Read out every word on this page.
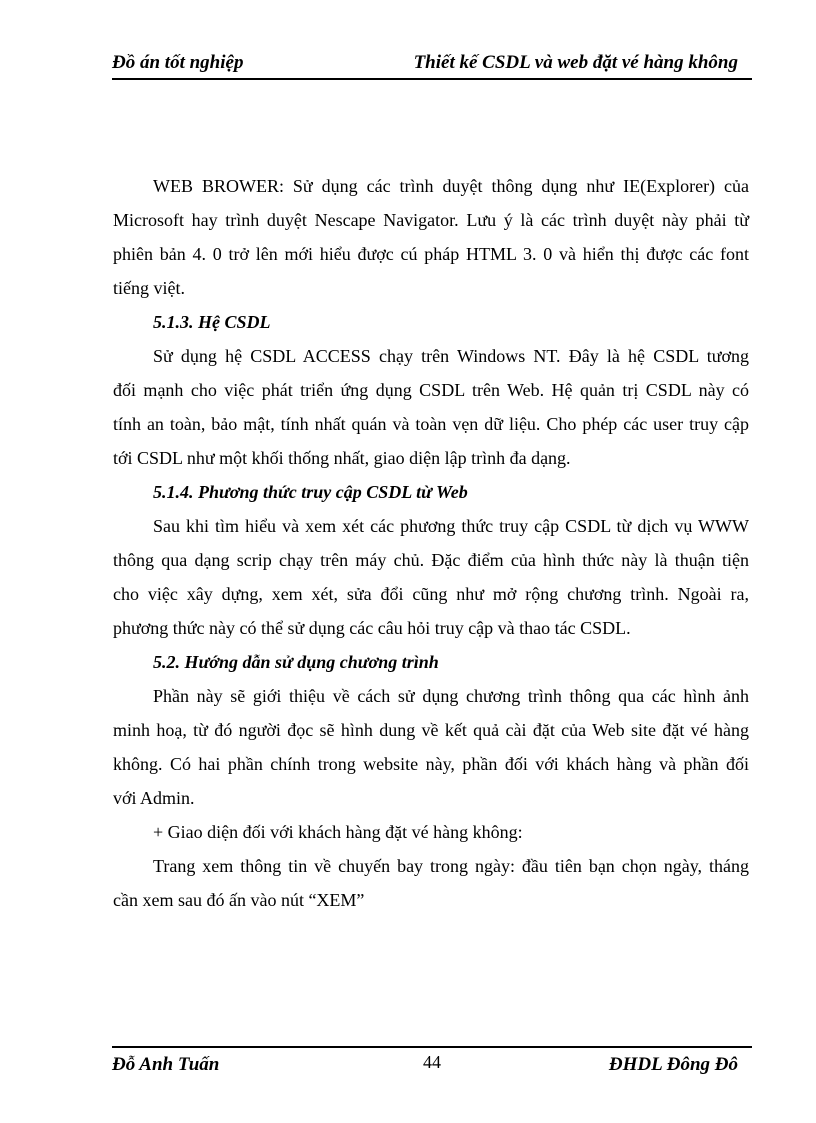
Đồ án tốt nghiệp	Thiết kế CSDL và web đặt vé hàng không
WEB BROWER: Sử dụng các trình duyệt thông dụng như IE(Explorer) của
Microsoft hay trình duyệt Nescape Navigator. Lưu ý là các trình duyệt này phải từ
phiên bản 4. 0 trở lên mới hiểu được cú pháp HTML 3. 0 và hiển thị được các font
tiếng việt.
5.1.3. Hệ CSDL
Sử dụng hệ CSDL ACCESS chạy trên Windows NT. Đây là hệ CSDL tương
đối mạnh cho việc phát triển ứng dụng CSDL trên Web. Hệ quản trị CSDL này có
tính an toàn, bảo mật, tính nhất quán và toàn vẹn dữ liệu. Cho phép các user truy cập
tới CSDL như một khối thống nhất, giao diện lập trình đa dạng.
5.1.4. Phương thức truy cập CSDL từ Web
Sau khi tìm hiểu và xem xét các phương thức truy cập CSDL từ dịch vụ WWW
thông qua dạng scrip chạy trên máy chủ. Đặc điểm của hình thức này là thuận tiện
cho việc xây dựng, xem xét, sửa đổi cũng như mở rộng chương trình. Ngoài ra,
phương thức này có thể sử dụng các câu hỏi truy cập và thao tác CSDL.
5.2. Hướng dẫn sử dụng chương trình
Phần này sẽ giới thiệu về cách sử dụng chương trình thông qua các hình ảnh
minh hoạ, từ đó người đọc sẽ hình dung về kết quả cài đặt của Web site đặt vé hàng
không. Có hai phần chính trong website này, phần đối với khách hàng và phần đối
với Admin.
+ Giao diện đối với khách hàng đặt vé hàng không:
Trang xem thông tin về chuyến bay trong ngày: đầu tiên bạn chọn ngày, tháng
cần xem sau đó ấn vào nút “XEM”
Đỗ Anh Tuấn	44	ĐHDL Đông Đô
